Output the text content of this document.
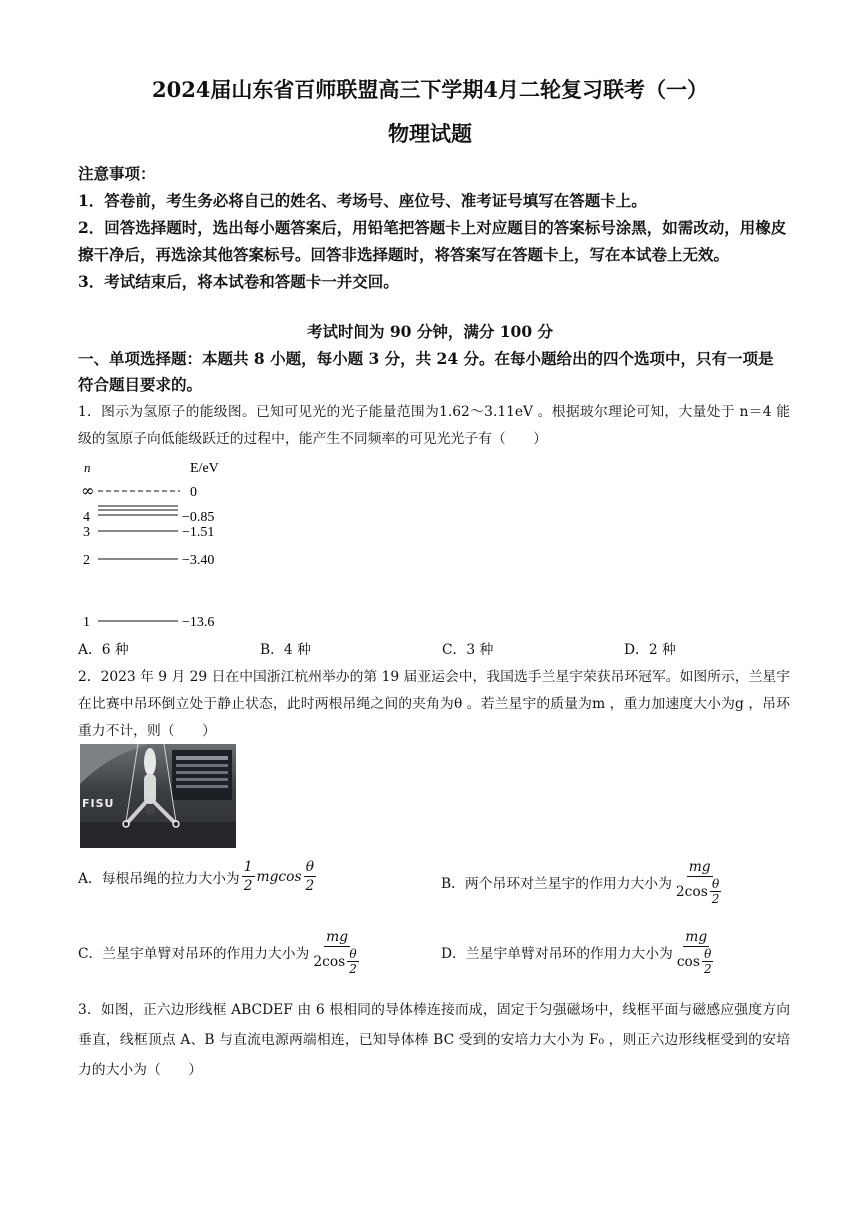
2024届山东省百师联盟高三下学期4月二轮复习联考（一）
物理试题

注意事项：

1．答卷前，考生务必将自己的姓名、考场号、座位号、准考证号填写在答题卡上。

2．回答选择题时，选出每小题答案后，用铅笔把答题卡上对应题目的答案标号涂黑，如需改动，用橡皮擦干净后，再选涂其他答案标号。回答非选择题时，将答案写在答题卡上，写在本试卷上无效。

3．考试结束后，将本试卷和答题卡一并交回。

考试时间为 90 分钟，满分 100 分
一、单项选择题：本题共 8 小题，每小题 3 分，共 24 分。在每小题给出的四个选项中，只有一项是符合题目要求的。

1．图示为氢原子的能级图。已知可见光的光子能量范围为1.62～3.11eV 。根据玻尔理论可知，大量处于 n＝4 能级的氢原子向低能级跃迁的过程中，能产生不同频率的可见光光子有（　　）

n	E/eV
∞	0
4	−0.85
3	−1.51
2	−3.40
1	−13.6
A．6 种	B．4 种	C．3 种	D．2 种

2．2023 年 9 月 29 日在中国浙江杭州举办的第 19 届亚运会中，我国选手兰星宇荣获吊环冠军。如图所示，兰星宇在比赛中吊环倒立处于静止状态，此时两根吊绳之间的夹角为θ 。若兰星宇的质量为m ，重力加速度大小为g ，吊环重力不计，则（　　）

FISU
A．每根吊绳的拉力大小为 $\frac{1}{2}$ mgcos $\frac{\theta}{2}$	B．两个吊环对兰星宇的作用力大小为 $\frac{mg}{2\cos \frac{\theta}{2}}$
C．兰星宇单臂对吊环的作用力大小为 $\frac{mg}{2\cos \frac{\theta}{2}}$	D．兰星宇单臂对吊环的作用力大小为 $\frac{mg}{\cos \frac{\theta}{2}}$

3．如图，正六边形线框 ABCDEF 由 6 根相同的导体棒连接而成，固定于匀强磁场中，线框平面与磁感应强度方向垂直，线框顶点 A、B 与直流电源两端相连，已知导体棒 BC 受到的安培力大小为 F₀ ，则正六边形线框受到的安培力的大小为（　　）
